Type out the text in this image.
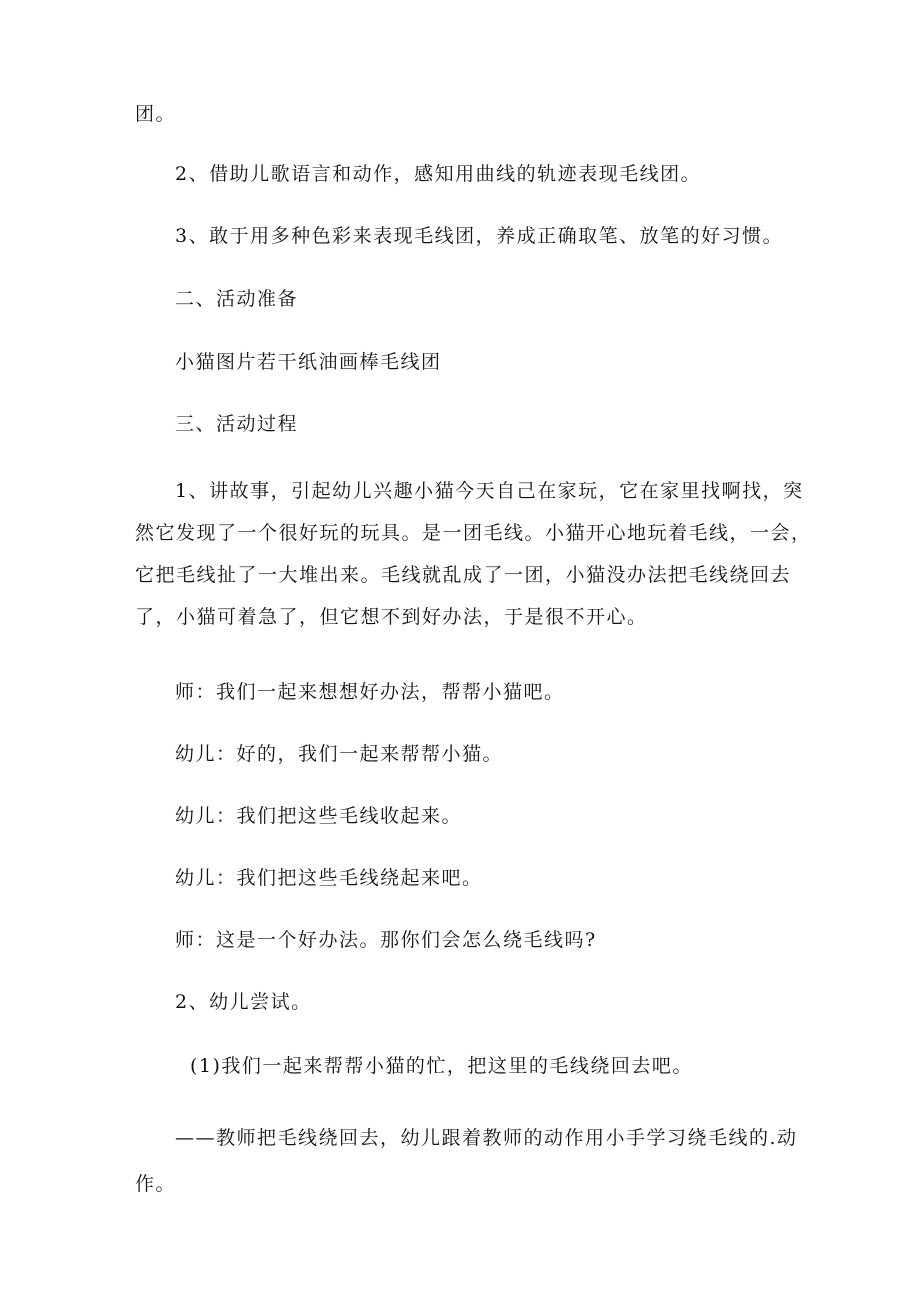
团。

2、借助儿歌语言和动作，感知用曲线的轨迹表现毛线团。

3、敢于用多种色彩来表现毛线团，养成正确取笔、放笔的好习惯。

二、活动准备

小猫图片若干纸油画棒毛线团

三、活动过程

1、讲故事，引起幼儿兴趣小猫今天自己在家玩，它在家里找啊找，突
然它发现了一个很好玩的玩具。是一团毛线。小猫开心地玩着毛线，一会，
它把毛线扯了一大堆出来。毛线就乱成了一团，小猫没办法把毛线绕回去
了，小猫可着急了，但它想不到好办法，于是很不开心。

师：我们一起来想想好办法，帮帮小猫吧。

幼儿：好的，我们一起来帮帮小猫。

幼儿：我们把这些毛线收起来。

幼儿：我们把这些毛线绕起来吧。

师：这是一个好办法。那你们会怎么绕毛线吗?

2、幼儿尝试。

(1)我们一起来帮帮小猫的忙，把这里的毛线绕回去吧。

——教师把毛线绕回去，幼儿跟着教师的动作用小手学习绕毛线的.动
作。
